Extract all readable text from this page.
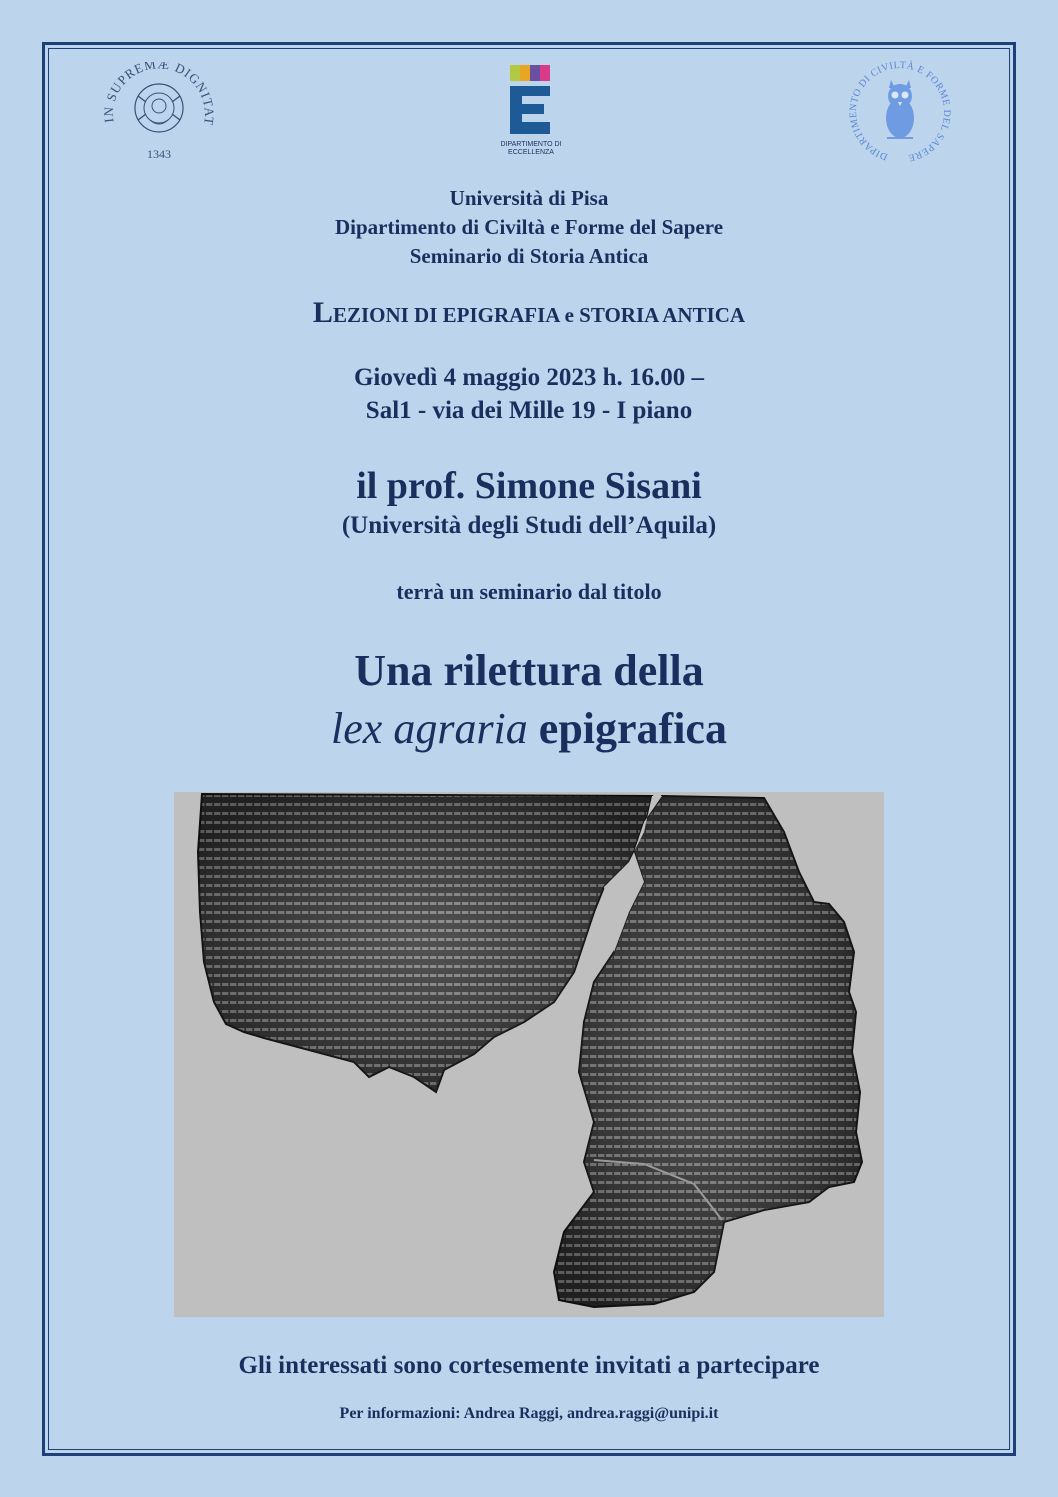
IN SUPREMÆ DIGNITAT
1343
DIPARTIMENTO DI
ECCELLENZA	DIPARTIMENTO DI CIVILTÀ E FORME DEL SAPERE
Università di Pisa
Dipartimento di Civiltà e Forme del Sapere
Seminario di Storia Antica
LEZIONI DI EPIGRAFIA e STORIA ANTICA
Giovedì 4 maggio 2023 h. 16.00 –
Sal1 - via dei Mille 19 - I piano
il prof. Simone Sisani
(Università degli Studi dell’Aquila)
terrà un seminario dal titolo
Una rilettura della
lex agraria epigrafica
Gli interessati sono cortesemente invitati a partecipare
Per informazioni: Andrea Raggi, andrea.raggi@unipi.it
